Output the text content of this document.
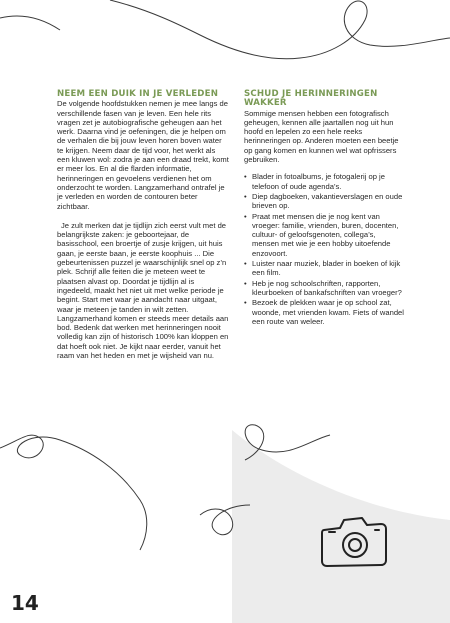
NEEM EEN DUIK IN JE VERLEDEN

De volgende hoofdstukken nemen je mee langs de verschillende fasen van je leven. Een hele rits vragen zet je autobiografische geheugen aan het werk. Daarna vind je oefeningen, die je helpen om de verhalen die bij jouw leven horen boven water te krijgen. Neem daar de tijd voor, het werkt als een kluwen wol: zodra je aan een draad trekt, komt er meer los. En al die flarden informatie, herinneringen en gevoelens verdienen het om onderzocht te worden. Langzamerhand ontrafel je je verleden en worden de contouren beter zichtbaar.

Je zult merken dat je tijdlijn zich eerst vult met de belangrijkste zaken: je geboortejaar, de basisschool, een broertje of zusje krijgen, uit huis gaan, je eerste baan, je eerste koophuis ... Die gebeurtenissen puzzel je waarschijnlijk snel op z’n plek. Schrijf alle feiten die je meteen weet te plaatsen alvast op. Doordat je tijdlijn al is ingedeeld, maakt het niet uit met welke periode je begint. Start met waar je aandacht naar uitgaat, waar je meteen je tanden in wilt zetten. Langzamerhand komen er steeds meer details aan bod. Bedenk dat werken met herinneringen nooit volledig kan zijn of historisch 100% kan kloppen en dat hoeft ook niet. Je kijkt naar eerder, vanuit het raam van het heden en met je wijsheid van nu.

SCHUD JE HERINNERINGEN WAKKER

Sommige mensen hebben een fotografisch geheugen, kennen alle jaartallen nog uit hun hoofd en lepelen zo een hele reeks herinneringen op. Anderen moeten een beetje op gang komen en kunnen wel wat opfrissers gebruiken.

• Blader in fotoalbums, je fotogalerij op je telefoon of oude agenda’s.
• Diep dagboeken, vakantieverslagen en oude brieven op.
• Praat met mensen die je nog kent van vroeger: familie, vrienden, buren, docenten, cultuur- of geloofsgenoten, collega’s, mensen met wie je een hobby uitoefende enzovoort.
• Luister naar muziek, blader in boeken of kijk een film.
• Heb je nog schoolschriften, rapporten, kleurboeken of bankafschriften van vroeger?
• Bezoek de plekken waar je op school zat, woonde, met vrienden kwam. Fiets of wandel een route van weleer.
14
